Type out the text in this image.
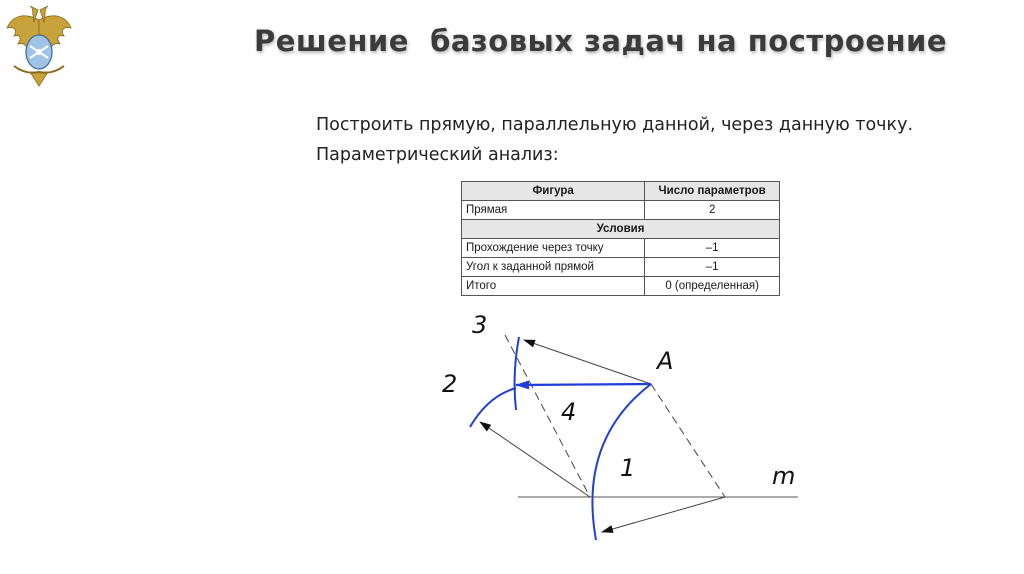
Решение  базовых задач на построение
Построить прямую, параллельную данной, через данную точку. Параметрический анализ:
Фигура	Число параметров
Прямая	2
Условия	
Прохождение через точку	–1
Угол к заданной прямой	–1
Итого	0 (определенная)
3
2
4
1
A
m
